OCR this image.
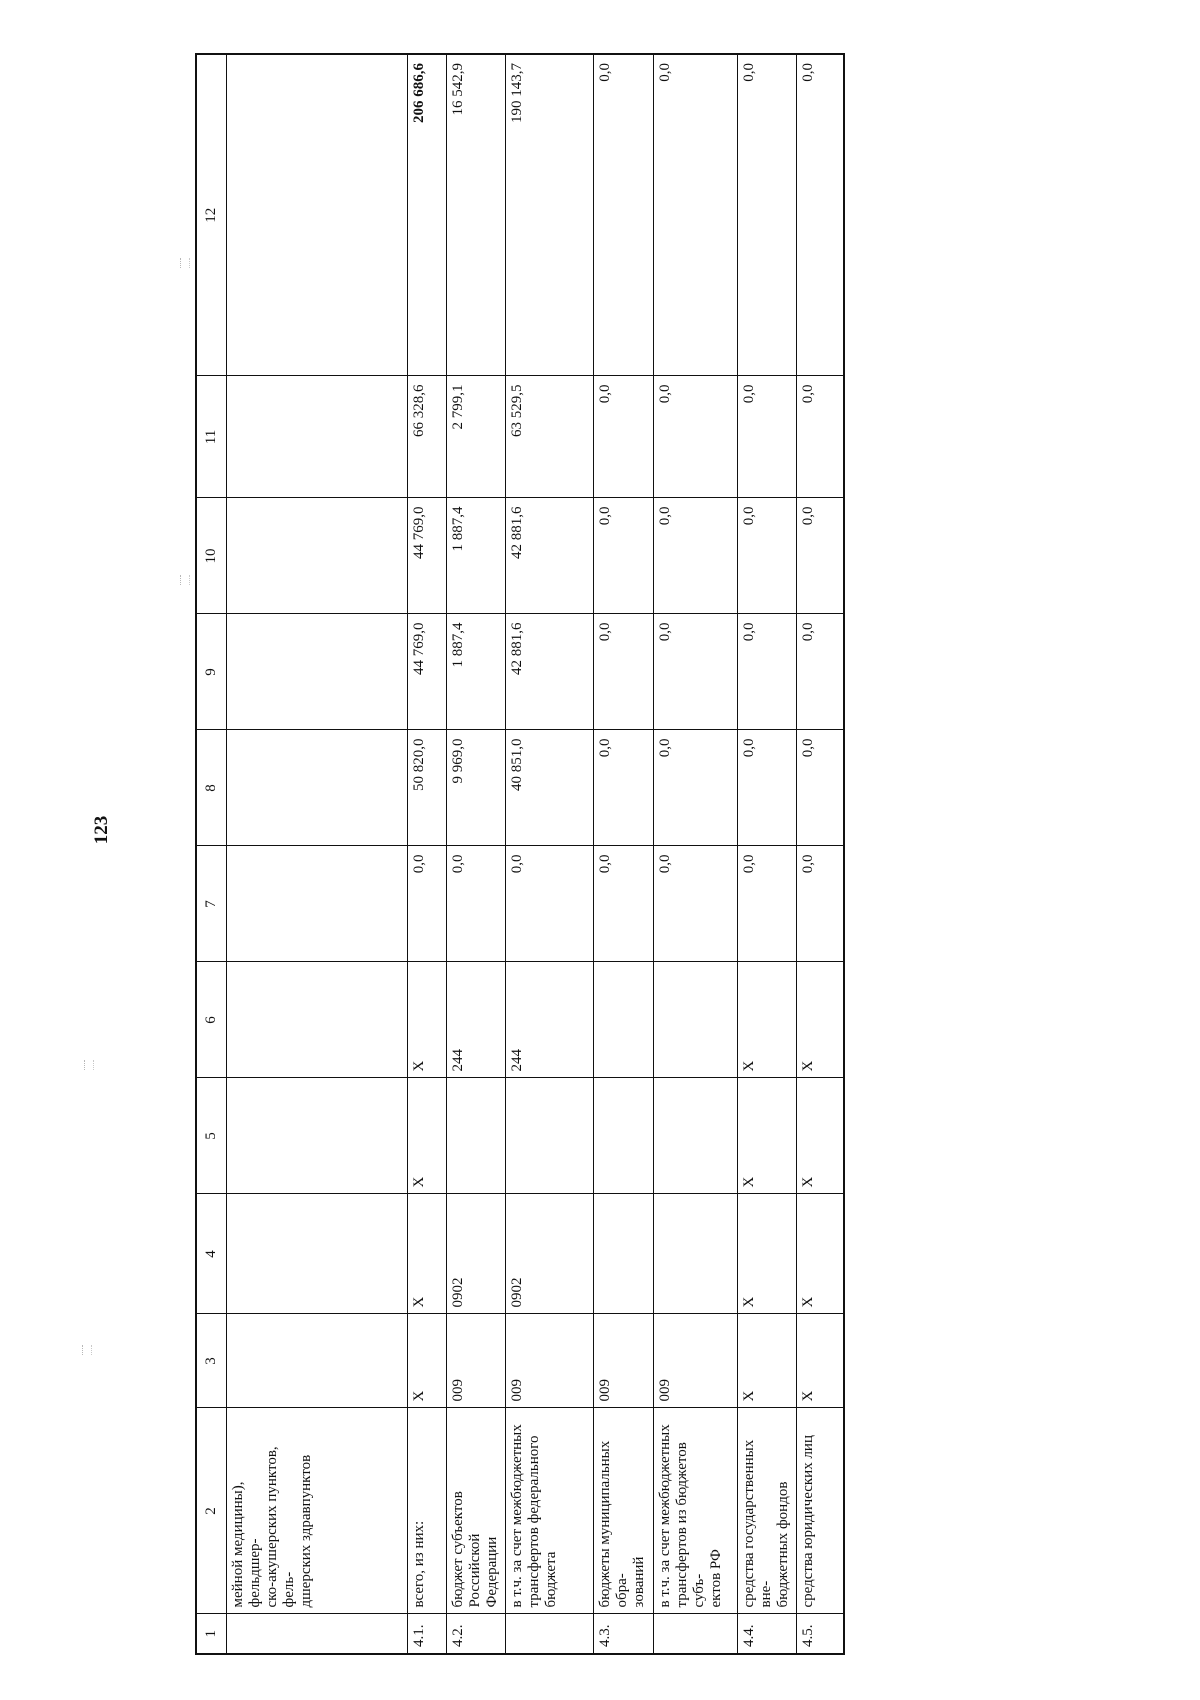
123
1	2	3	4	5	6	7	8	9	10	11	12

	мейной медицины), фельдшер- ско-акушерских пунктов, фель- дшерских здравпунктов										

4.1.	всего, из них:	X	X	X	X	0,0	50 820,0	44 769,0	44 769,0	66 328,6	206 686,6
4.2.	бюджет субъектов Российской Федерации	009	0902		244	0,0	9 969,0	1 887,4	1 887,4	2 799,1	16 542,9

	в т.ч. за счет межбюджетных трансфертов федерального бюджета	009	0902		244	0,0	40 851,0	42 881,6	42 881,6	63 529,5	190 143,7
4.3.	бюджеты муниципальных обра- зований	009				0,0	0,0	0,0	0,0	0,0	0,0

	в т.ч. за счет межбюджетных трансфертов из бюджетов субъ- ектов РФ	009				0,0	0,0	0,0	0,0	0,0	0,0
4.4.	средства государственных вне- бюджетных фондов	X	X	X	X	0,0	0,0	0,0	0,0	0,0	0,0
4.5.	средства юридических лиц	X	X	X	X	0,0	0,0	0,0	0,0	0,0	0,0
